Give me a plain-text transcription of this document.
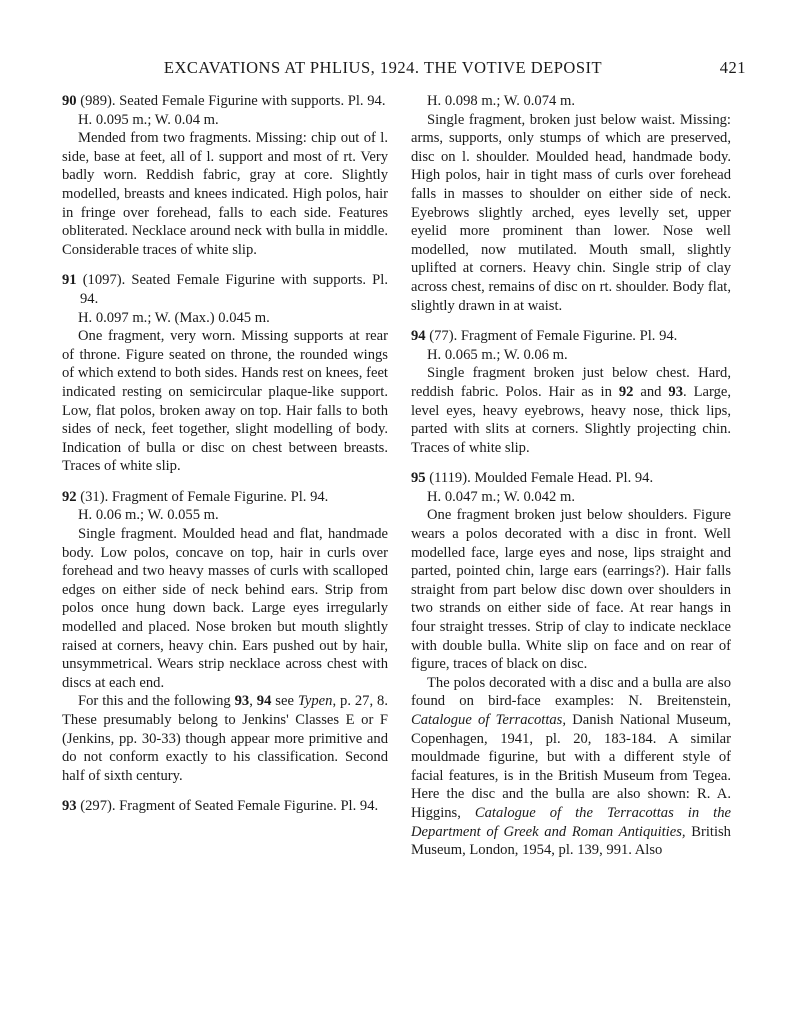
EXCAVATIONS AT PHLIUS, 1924. THE VOTIVE DEPOSIT	421
90 (989). Seated Female Figurine with supports. Pl. 94.
H. 0.095 m.; W. 0.04 m.
Mended from two fragments. Missing: chip out of l. side, base at feet, all of l. support and most of rt. Very badly worn. Reddish fabric, gray at core. Slightly modelled, breasts and knees indicated. High polos, hair in fringe over forehead, falls to each side. Features obliterated. Necklace around neck with bulla in middle. Considerable traces of white slip.
91 (1097). Seated Female Figurine with supports. Pl. 94.
H. 0.097 m.; W. (Max.) 0.045 m.
One fragment, very worn. Missing supports at rear of throne. Figure seated on throne, the rounded wings of which extend to both sides. Hands rest on knees, feet indicated resting on semicircular plaque-like support. Low, flat polos, broken away on top. Hair falls to both sides of neck, feet together, slight modelling of body. Indication of bulla or disc on chest between breasts. Traces of white slip.
92 (31). Fragment of Female Figurine. Pl. 94.
H. 0.06 m.; W. 0.055 m.
Single fragment. Moulded head and flat, handmade body. Low polos, concave on top, hair in curls over forehead and two heavy masses of curls with scalloped edges on either side of neck behind ears. Strip from polos once hung down back. Large eyes irregularly modelled and placed. Nose broken but mouth slightly raised at corners, heavy chin. Ears pushed out by hair, unsymmetrical. Wears strip necklace across chest with discs at each end.
For this and the following 93, 94 see Typen, p. 27, 8. These presumably belong to Jenkins' Classes E or F (Jenkins, pp. 30-33) though appear more primitive and do not conform exactly to his classification. Second half of sixth century.
93 (297). Fragment of Seated Female Figurine. Pl. 94.
H. 0.098 m.; W. 0.074 m.
Single fragment, broken just below waist. Missing: arms, supports, only stumps of which are preserved, disc on l. shoulder. Moulded head, handmade body. High polos, hair in tight mass of curls over forehead falls in masses to shoulder on either side of neck. Eyebrows slightly arched, eyes levelly set, upper eyelid more prominent than lower. Nose well modelled, now mutilated. Mouth small, slightly uplifted at corners. Heavy chin. Single strip of clay across chest, remains of disc on rt. shoulder. Body flat, slightly drawn in at waist.
94 (77). Fragment of Female Figurine. Pl. 94.
H. 0.065 m.; W. 0.06 m.
Single fragment broken just below chest. Hard, reddish fabric. Polos. Hair as in 92 and 93. Large, level eyes, heavy eyebrows, heavy nose, thick lips, parted with slits at corners. Slightly projecting chin. Traces of white slip.
95 (1119). Moulded Female Head. Pl. 94.
H. 0.047 m.; W. 0.042 m.
One fragment broken just below shoulders. Figure wears a polos decorated with a disc in front. Well modelled face, large eyes and nose, lips straight and parted, pointed chin, large ears (earrings?). Hair falls straight from part below disc down over shoulders in two strands on either side of face. At rear hangs in four straight tresses. Strip of clay to indicate necklace with double bulla. White slip on face and on rear of figure, traces of black on disc.
The polos decorated with a disc and a bulla are also found on bird-face examples: N. Breitenstein, Catalogue of Terracottas, Danish National Museum, Copenhagen, 1941, pl. 20, 183-184. A similar mouldmade figurine, but with a different style of facial features, is in the British Museum from Tegea. Here the disc and the bulla are also shown: R. A. Higgins, Catalogue of the Terracottas in the Department of Greek and Roman Antiquities, British Museum, London, 1954, pl. 139, 991. Also
